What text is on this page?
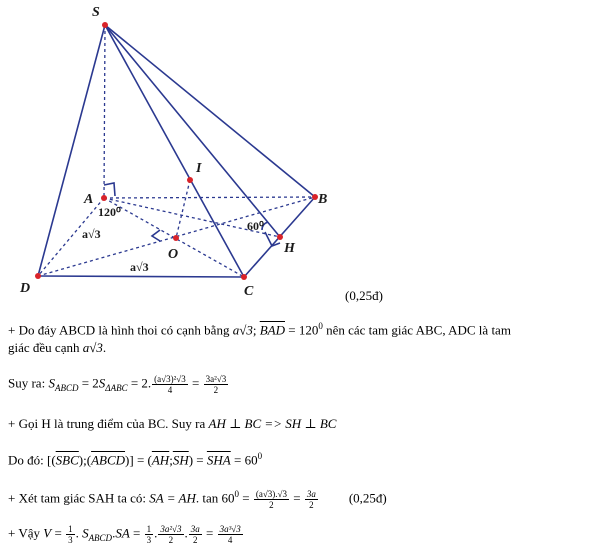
S
A	B
C
D
I
O	H
120⁰
60⁰
a√3
a√3
(0,25đ)
+ Do đáy ABCD là hình thoi có cạnh bằng a√3; $\overline{BAD} = 120^0$ nên các tam giác ABC, ADC là tam
giác đều cạnh a√3.
Suy ra: $S_{ABCD} = 2S_{\Delta ABC} = 2$. $\frac{\text{(a√3)²√3}}{4} = \frac{\text{3a²√3}}{2}$
+ Gọi H là trung điểm của BC. Suy ra AH ⊥ BC => SH ⊥ BC
Do đó: $[(\overline{SBC});(ABCD)]$ = $(\overline{AH};\overline{SH}) = \overline{SHA} = 60^0$
+ Xét tam giác SAH ta có: SA = AH. $\tan 60^0 = \frac{(a√3).√3}{2} = \frac{3a}{2}$ (0,25đ)
+ Vậy $V = \frac{1}{3}$ . $S_{ABCD}.SA = \frac{1}{3}$ . $\frac{\text{3a²√3}}{2}$ . $\frac{3a}{2} = \frac{\text{3a³√3}}{4}$
